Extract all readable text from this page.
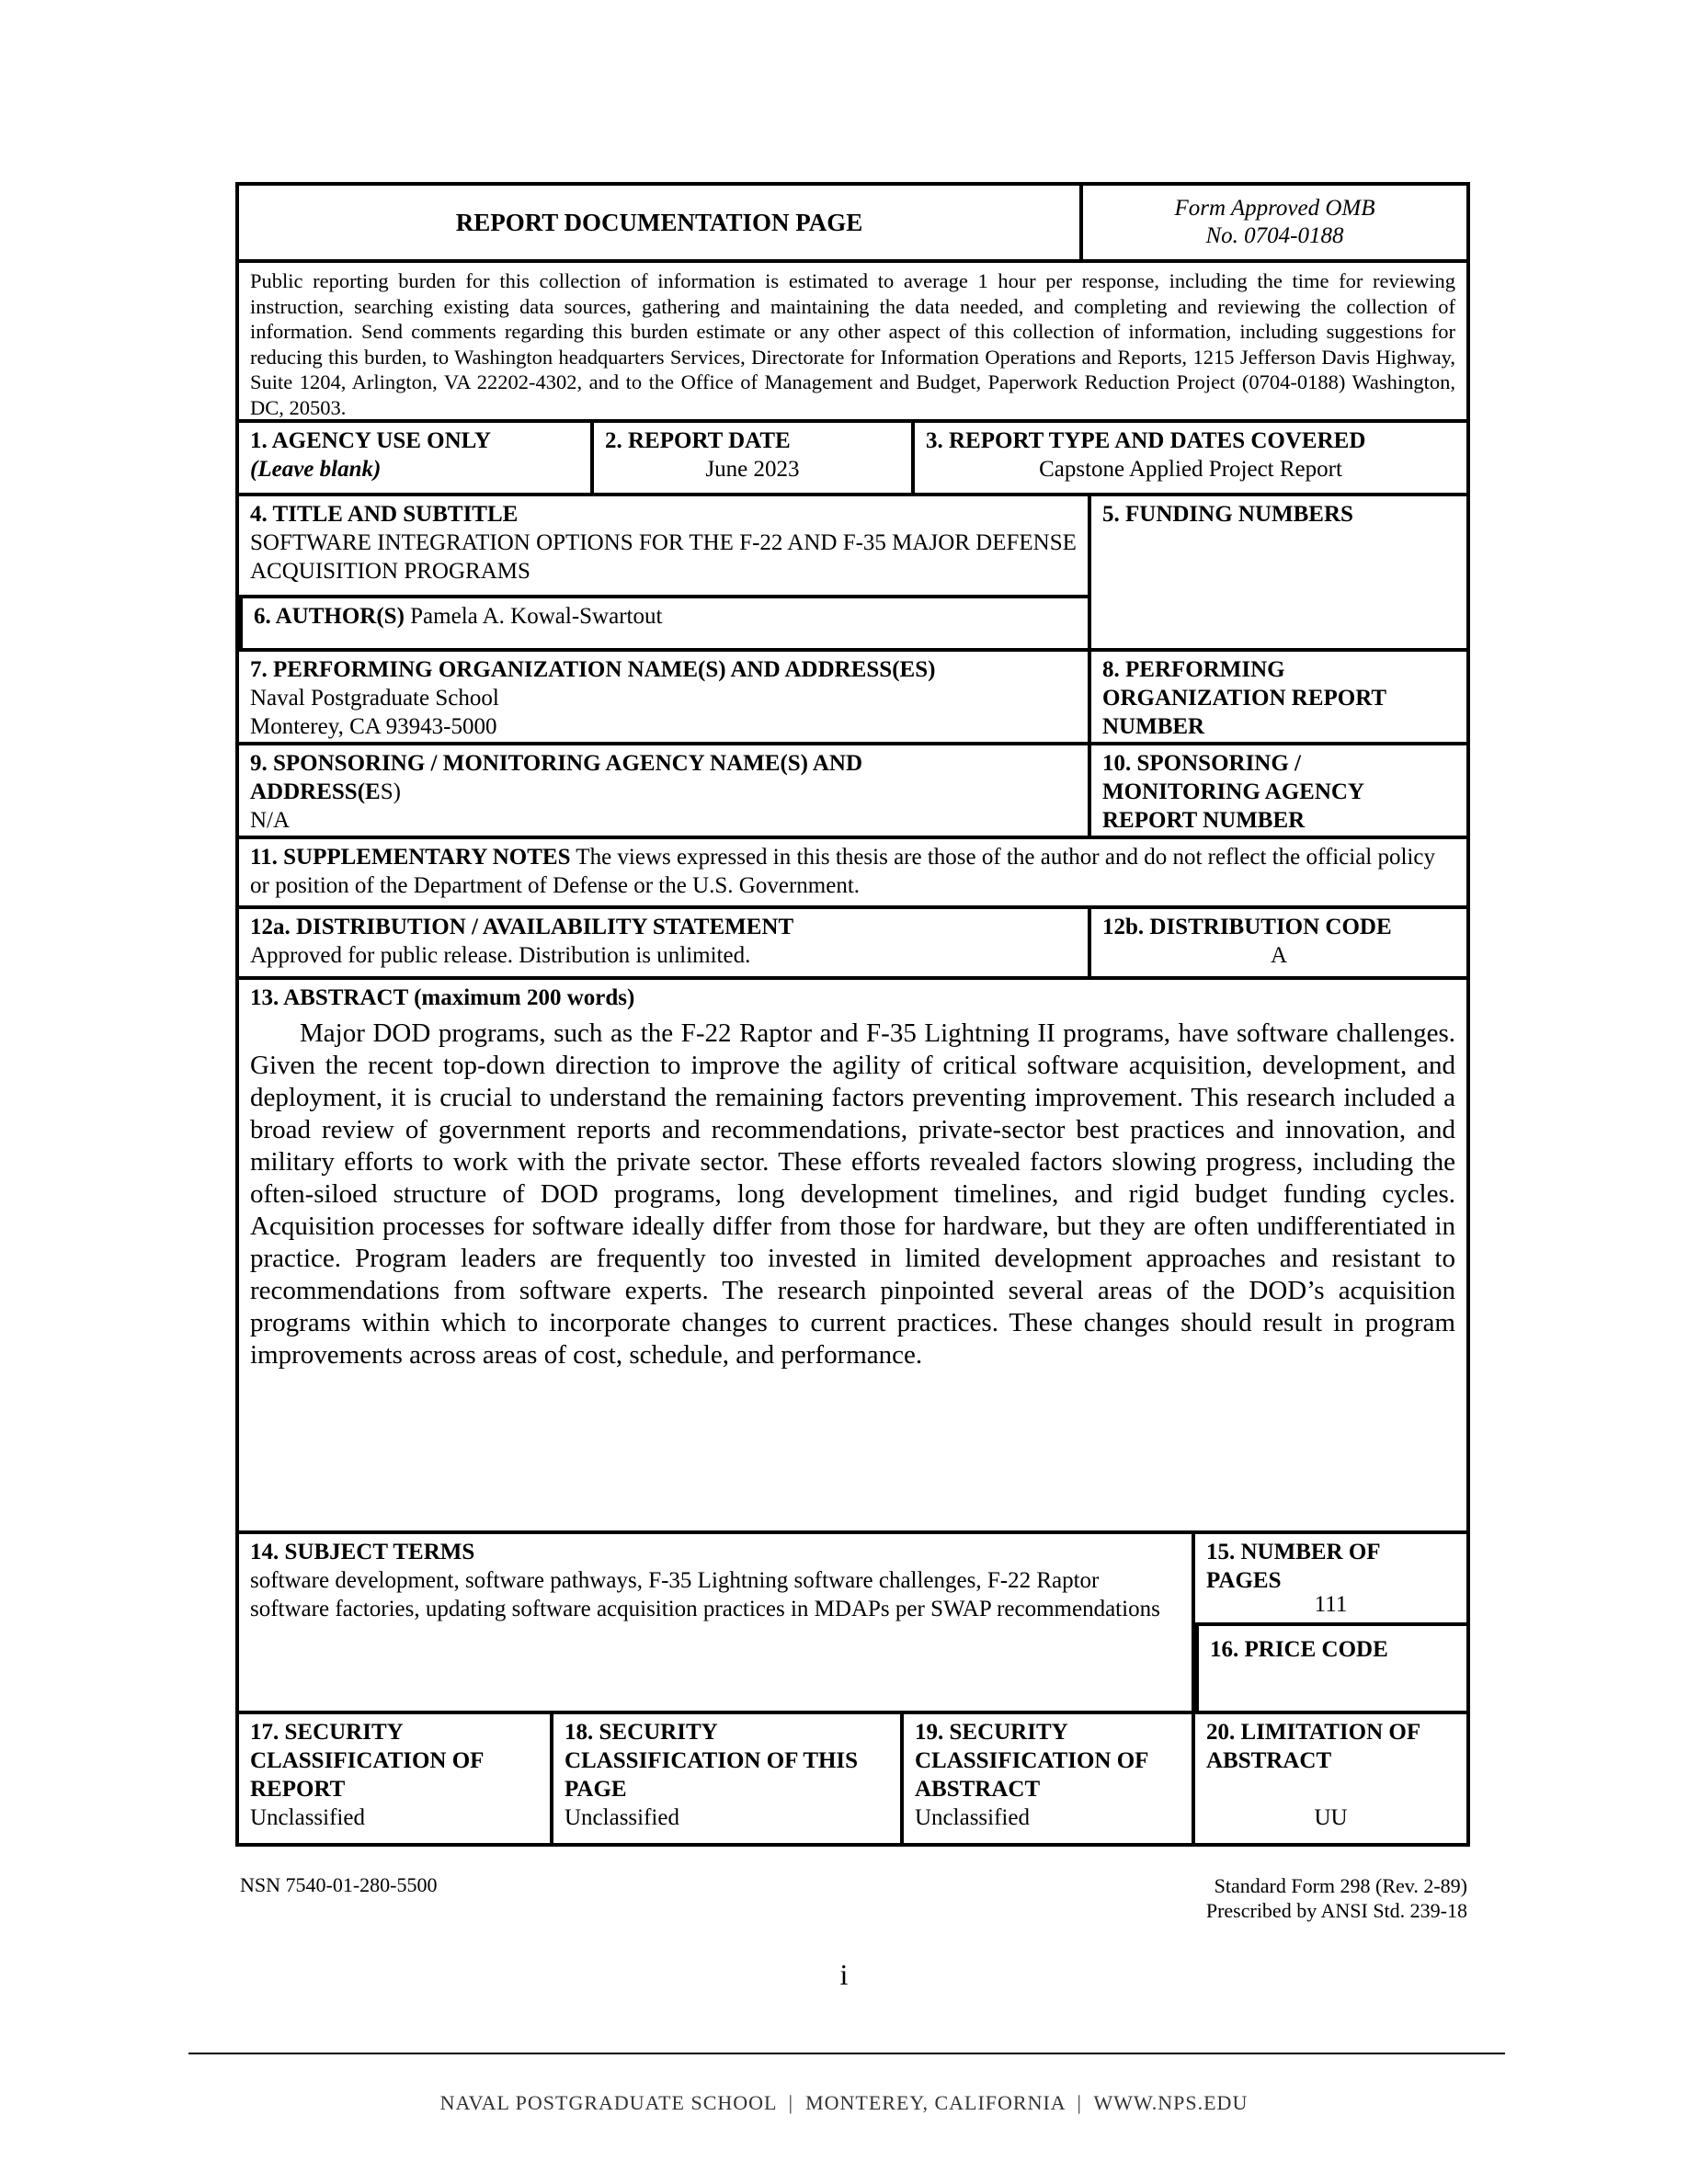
REPORT DOCUMENTATION PAGE	Form Approved OMB
No. 0704-0188
Public reporting burden for this collection of information is estimated to average 1 hour per response, including the time for reviewing instruction, searching existing data sources, gathering and maintaining the data needed, and completing and reviewing the collection of information. Send comments regarding this burden estimate or any other aspect of this collection of information, including suggestions for reducing this burden, to Washington headquarters Services, Directorate for Information Operations and Reports, 1215 Jefferson Davis Highway, Suite 1204, Arlington, VA 22202-4302, and to the Office of Management and Budget, Paperwork Reduction Project (0704-0188) Washington, DC, 20503.
1. AGENCY USE ONLY
(Leave blank)
2. REPORT DATE
June 2023
3. REPORT TYPE AND DATES COVERED
Capstone Applied Project Report
4. TITLE AND SUBTITLE
SOFTWARE INTEGRATION OPTIONS FOR THE F-22 AND F-35 MAJOR DEFENSE ACQUISITION PROGRAMS
6. AUTHOR(S) Pamela A. Kowal-Swartout
5. FUNDING NUMBERS
7. PERFORMING ORGANIZATION NAME(S) AND ADDRESS(ES)
Naval Postgraduate School
Monterey, CA 93943-5000
8. PERFORMING
ORGANIZATION REPORT
NUMBER
9. SPONSORING / MONITORING AGENCY NAME(S) AND
ADDRESS(ES)
N/A
10. SPONSORING /
MONITORING AGENCY
REPORT NUMBER
11. SUPPLEMENTARY NOTES The views expressed in this thesis are those of the author and do not reflect the official policy or position of the Department of Defense or the U.S. Government.
12a. DISTRIBUTION / AVAILABILITY STATEMENT
Approved for public release. Distribution is unlimited.
12b. DISTRIBUTION CODE
A
13. ABSTRACT (maximum 200 words)

Major DOD programs, such as the F-22 Raptor and F-35 Lightning II programs, have software challenges. Given the recent top-down direction to improve the agility of critical software acquisition, development, and deployment, it is crucial to understand the remaining factors preventing improvement. This research included a broad review of government reports and recommendations, private-sector best practices and innovation, and military efforts to work with the private sector. These efforts revealed factors slowing progress, including the often-siloed structure of DOD programs, long development timelines, and rigid budget funding cycles. Acquisition processes for software ideally differ from those for hardware, but they are often undifferentiated in practice. Program leaders are frequently too invested in limited development approaches and resistant to recommendations from software experts. The research pinpointed several areas of the DOD’s acquisition programs within which to incorporate changes to current practices. These changes should result in program improvements across areas of cost, schedule, and performance.

14. SUBJECT TERMS
software development, software pathways, F-35 Lightning software challenges, F-22 Raptor software factories, updating software acquisition practices in MDAPs per SWAP recommendations
15. NUMBER OF
PAGES
111
16. PRICE CODE
17. SECURITY
CLASSIFICATION OF
REPORT
Unclassified
18. SECURITY
CLASSIFICATION OF THIS
PAGE
Unclassified
19. SECURITY
CLASSIFICATION OF
ABSTRACT
Unclassified
20. LIMITATION OF
ABSTRACT
UU
NSN 7540-01-280-5500	Standard Form 298 (Rev. 2-89)
Prescribed by ANSI Std. 239-18
i
NAVAL POSTGRADUATE SCHOOL  |  MONTEREY, CALIFORNIA  |  WWW.NPS.EDU
